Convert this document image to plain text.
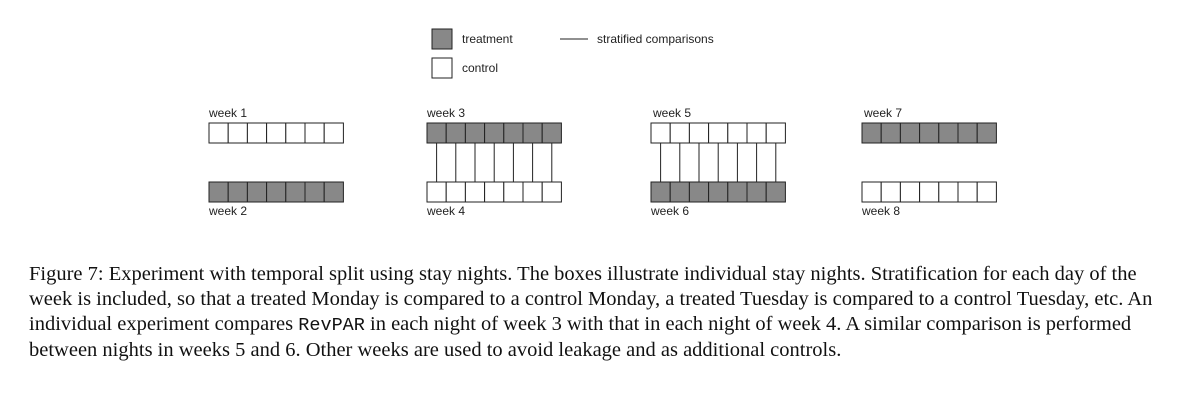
treatment
control
stratified comparisons
week 1
week 2
week 3
week 4
week 5
week 6
week 7
week 8

Figure 7: Experiment with temporal split using stay nights. The boxes illustrate individual stay nights. Stratification for each day of the week is included, so that a treated Monday is compared to a control Monday, a treated Tuesday is compared to a control Tuesday, etc. An individual experiment compares RevPAR in each night of week 3 with that in each night of week 4. A similar comparison is performed between nights in weeks 5 and 6. Other weeks are used to avoid leakage and as additional controls.
